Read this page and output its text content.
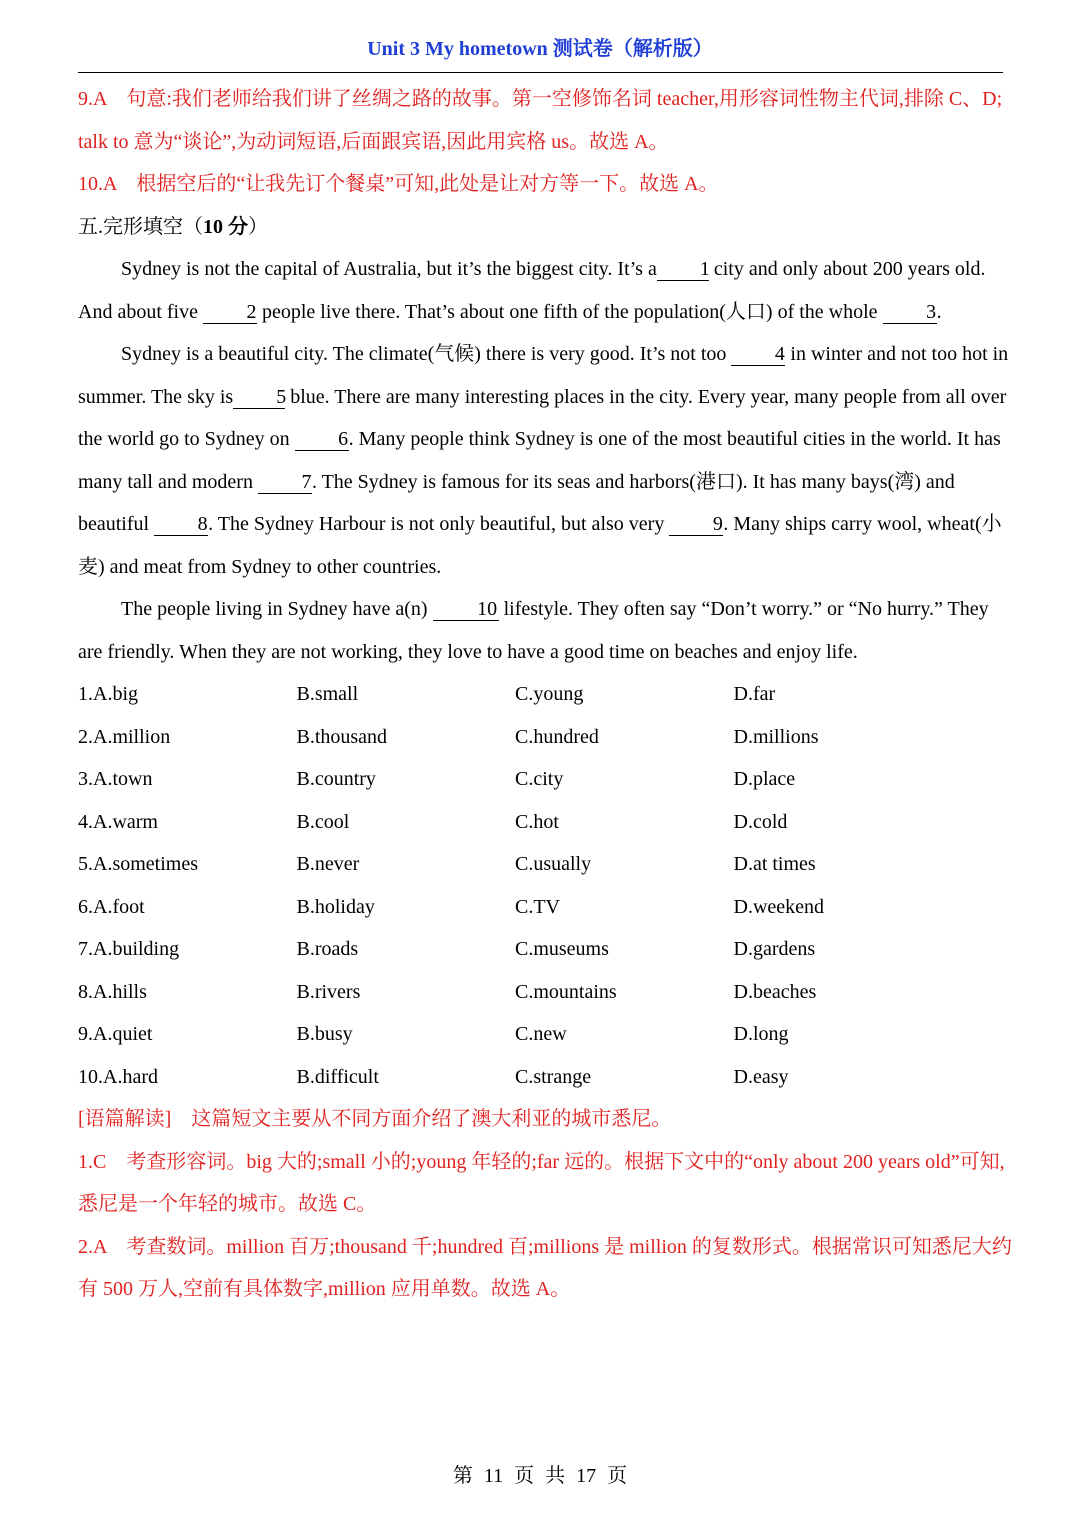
Unit 3 My hometown 测试卷（解析版）

9.A　句意:我们老师给我们讲了丝绸之路的故事。第一空修饰名词 teacher,用形容词性物主代词,排除 C、D; talk to 意为“谈论”,为动词短语,后面跟宾语,因此用宾格 us。故选 A。

10.A　根据空后的“让我先订个餐桌”可知,此处是让对方等一下。故选 A。

五.完形填空（10 分）

Sydney is not the capital of Australia, but it’s the biggest city. It’s a 1 city and only about 200 years old. And about five 2 people live there. That’s about one fifth of the population(人口) of the whole 3.

Sydney is a beautiful city. The climate(气候) there is very good. It’s not too 4 in winter and not too hot in summer. The sky is 5 blue. There are many interesting places in the city. Every year, many people from all over the world go to Sydney on 6. Many people think Sydney is one of the most beautiful cities in the world. It has many tall and modern 7. The Sydney is famous for its seas and harbors(港口). It has many bays(湾) and beautiful 8. The Sydney Harbour is not only beautiful, but also very 9. Many ships carry wool, wheat(小麦) and meat from Sydney to other countries.

The people living in Sydney have a(n) 10 lifestyle. They often say “Don’t worry.” or “No hurry.” They are friendly. When they are not working, they love to have a good time on beaches and enjoy life.

1.A.big	B.small	C.young	D.far
2.A.million	B.thousand	C.hundred	D.millions
3.A.town	B.country	C.city	D.place
4.A.warm	B.cool	C.hot	D.cold
5.A.sometimes	B.never	C.usually	D.at times
6.A.foot	B.holiday	C.TV	D.weekend
7.A.building	B.roads	C.museums	D.gardens
8.A.hills	B.rivers	C.mountains	D.beaches
9.A.quiet	B.busy	C.new	D.long
10.A.hard	B.difficult	C.strange	D.easy

[语篇解读]　这篇短文主要从不同方面介绍了澳大利亚的城市悉尼。

1.C　考查形容词。big 大的;small 小的;young 年轻的;far 远的。根据下文中的“only about 200 years old”可知,悉尼是一个年轻的城市。故选 C。

2.A　考查数词。million 百万;thousand 千;hundred 百;millions 是 million 的复数形式。根据常识可知悉尼大约有 500 万人,空前有具体数字,million 应用单数。故选 A。

第 11 页 共 17 页
